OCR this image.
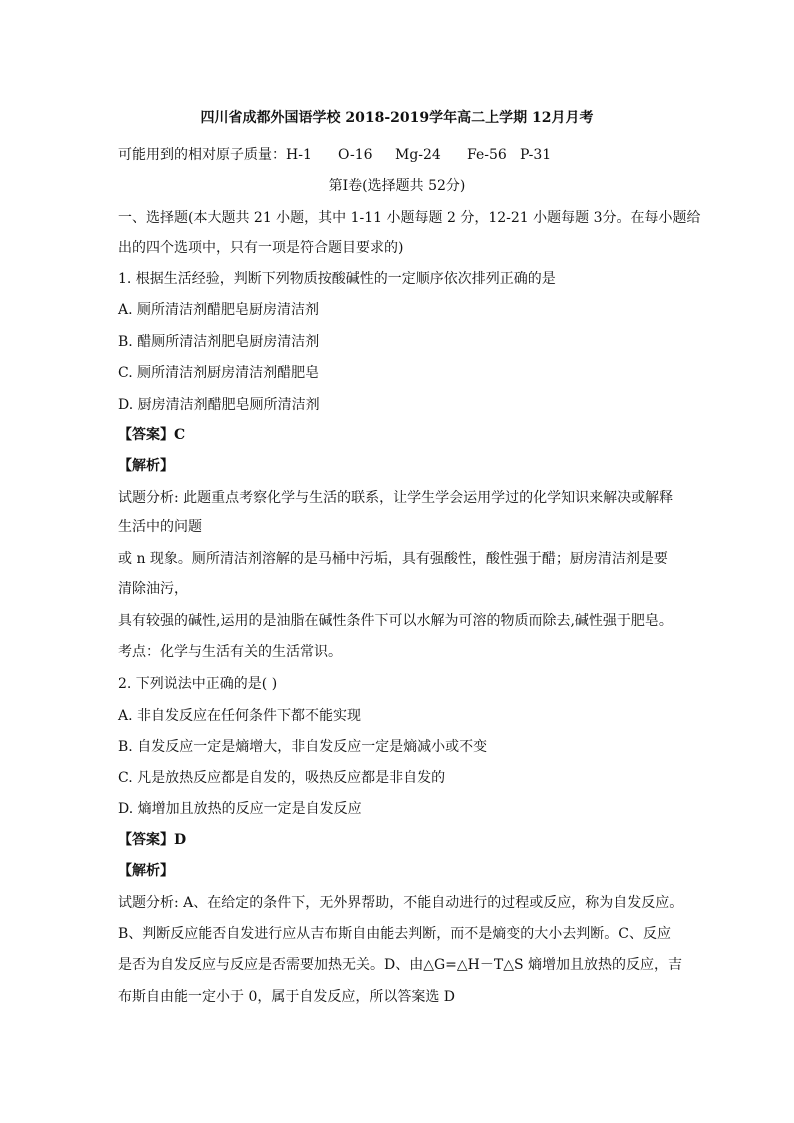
四川省成都外国语学校 2018-2019学年高二上学期 12月月考
可能用到的相对原子质量：H-1 O-16 Mg-24 Fe-56 P-31
第Ⅰ卷(选择题共 52分)
一、选择题(本大题共 21 小题，其中 1-11 小题每题 2 分，12-21 小题每题 3分。在每小题给
出的四个选项中，只有一项是符合题目要求的)
1. 根据生活经验，判断下列物质按酸碱性的一定顺序依次排列正确的是
A. 厕所清洁剂醋肥皂厨房清洁剂
B. 醋厕所清洁剂肥皂厨房清洁剂
C. 厕所清洁剂厨房清洁剂醋肥皂
D. 厨房清洁剂醋肥皂厕所清洁剂
【答案】C
【解析】
试题分析: 此题重点考察化学与生活的联系，让学生学会运用学过的化学知识来解决或解释
生活中的问题
或 n 现象。厕所清洁剂溶解的是马桶中污垢，具有强酸性，酸性强于醋；厨房清洁剂是要
清除油污，
具有较强的碱性,运用的是油脂在碱性条件下可以水解为可溶的物质而除去,碱性强于肥皂。
考点：化学与生活有关的生活常识。
2. 下列说法中正确的是( )
A. 非自发反应在任何条件下都不能实现
B. 自发反应一定是熵增大，非自发反应一定是熵减小或不变
C. 凡是放热反应都是自发的，吸热反应都是非自发的
D. 熵增加且放热的反应一定是自发反应
【答案】D
【解析】
试题分析: A、在给定的条件下，无外界帮助，不能自动进行的过程或反应，称为自发反应。
B、判断反应能否自发进行应从吉布斯自由能去判断，而不是熵变的大小去判断。C、反应
是否为自发反应与反应是否需要加热无关。D、由△G=△H－T△S 熵增加且放热的反应，吉
布斯自由能一定小于 0，属于自发反应，所以答案选 D
